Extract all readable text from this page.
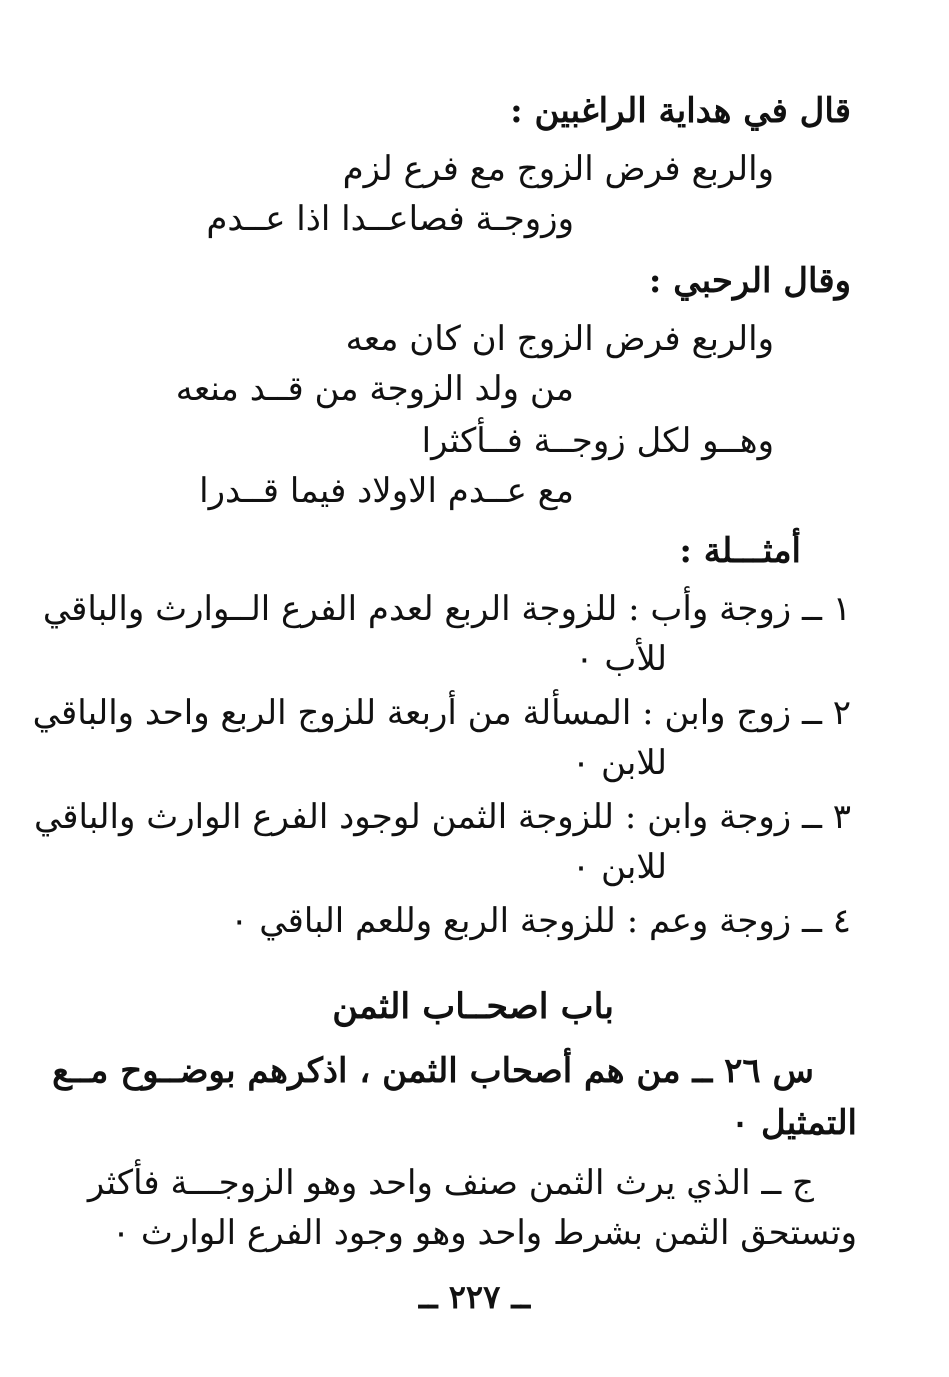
قال في هداية الراغبين :

والربع فرض الزوج مع فرع لزم

وزوجـة فصاعــدا اذا عــدم

وقال الرحبي :

والربع فرض الزوج ان كان معه

من ولد الزوجة من قــد منعه

وهــو لكل زوجــة فــأكثرا

مع عــدم الاولاد فيما قــدرا

أمثـــلة :

١ ــ زوجة وأب : للزوجة الربع لعدم الفرع الــوارث والباقي

للأب ٠

٢ ــ زوج وابن : المسألة من أربعة للزوج الربع واحد والباقي

للابن ٠

٣ ــ زوجة وابن : للزوجة الثمن لوجود الفرع الوارث والباقي

للابن ٠

٤ ــ زوجة وعم : للزوجة الربع وللعم الباقي ٠

باب اصحــاب الثمن

س ٢٦ ــ من هم أصحاب الثمن ، اذكرهم بوضــوح مــع

التمثيل ٠

ج ــ الذي يرث الثمن صنف واحد وهو الزوجـــة فأكثر

وتستحق الثمن بشرط واحد وهو وجود الفرع الوارث ٠

ــ ٢٢٧ ــ
